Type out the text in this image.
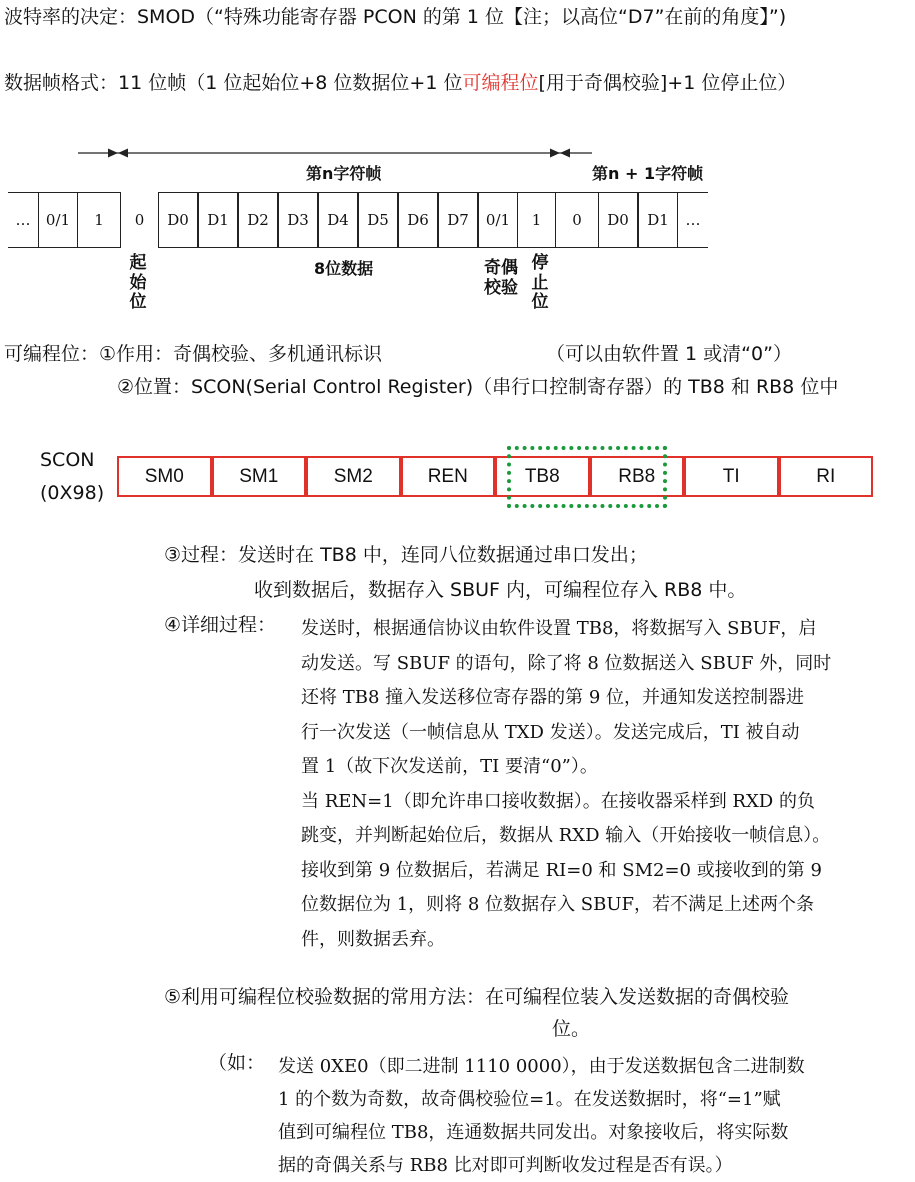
波特率的决定：SMOD（“特殊功能寄存器 PCON 的第 1 位【注；以高位“D7”在前的角度】”)
数据帧格式：11 位帧（1 位起始位+8 位数据位+1 位可编程位[用于奇偶校验]+1 位停止位）
第n字符帧	第n + 1字符帧
…	0/1	1	0	D0	D1	D2	D3	D4	D5	D6	D7	0/1	1	0	D0	D1	…
起
始
位
8位数据	奇偶
校验
停
止
位
可编程位：①作用：奇偶校验、多机通讯标识	（可以由软件置 1 或清“0”）
②位置：SCON(Serial Control Register)（串行口控制寄存器）的 TB8 和 RB8 位中
SCON
(0X98)
SM0	SM1	SM2	REN	TB8	RB8	TI	RI
③过程：发送时在 TB8 中，连同八位数据通过串口发出；
收到数据后，数据存入 SBUF 内，可编程位存入 RB8 中。
④详细过程： 发送时，根据通信协议由软件设置 TB8，将数据写入 SBUF，启
动发送。写 SBUF 的语句，除了将 8 位数据送入 SBUF 外，同时
还将 TB8 撞入发送移位寄存器的第 9 位，并通知发送控制器进
行一次发送（一帧信息从 TXD 发送）。发送完成后，TI 被自动
置 1（故下次发送前，TI 要清“0”）。
当 REN=1（即允许串口接收数据）。在接收器采样到 RXD 的负
跳变，并判断起始位后，数据从 RXD 输入（开始接收一帧信息）。
接收到第 9 位数据后，若满足 RI=0 和 SM2=0 或接收到的第 9
位数据位为 1，则将 8 位数据存入 SBUF，若不满足上述两个条
件，则数据丢弃。
⑤利用可编程位校验数据的常用方法：在可编程位装入发送数据的奇偶校验
位。
（如： 发送 0XE0（即二进制 1110 0000），由于发送数据包含二进制数
1 的个数为奇数，故奇偶校验位=1。在发送数据时，将“=1”赋
值到可编程位 TB8，连通数据共同发出。对象接收后，将实际数
据的奇偶关系与 RB8 比对即可判断收发过程是否有误。）
